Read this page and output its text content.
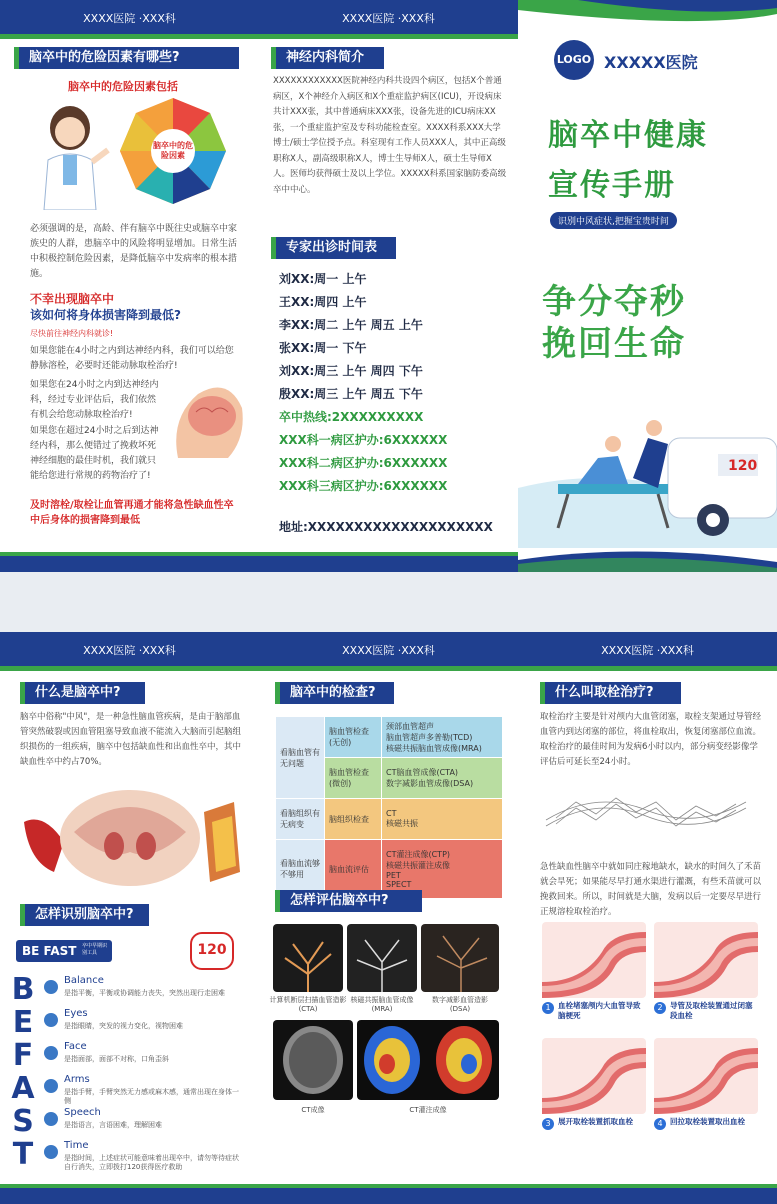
XXXX医院 ·XXX科
脑卒中的危险因素有哪些?
脑卒中的危险因素包括
脑卒中的危险因素
必须强调的是，高龄、伴有脑卒中既往史或脑卒中家族史的人群，患脑卒中的风险将明显增加。日常生活中积极控制危险因素，是降低脑卒中发病率的根本措施。
不幸出现脑卒中
该如何将身体损害降到最低?
尽快前往神经内科就诊!
如果您能在4小时之内到达神经内科，我们可以给您静脉溶栓，必要时还能动脉取栓治疗!
如果您在24小时之内到达神经内科，经过专业评估后，我们依然有机会给您动脉取栓治疗!
如果您在超过24小时之后到达神经内科，那么便错过了挽救坏死神经细胞的最佳时机，我们就只能给您进行常规的药物治疗了!
及时溶栓/取栓让血管再通才能将急性缺血性卒中后身体的损害降到最低
XXXX医院 ·XXX科
神经内科简介
XXXXXXXXXXXX医院神经内科共设四个病区，包括X个普通病区，X个神经介入病区和X个重症监护病区(ICU)，开设病床共计XXX张，其中普通病床XXX张，设备先进的ICU病床XX张，一个重症监护室及专科功能检查室。XXXX科系XXX大学博士/硕士学位授予点。科室现有工作人员XXX人，其中正高级职称X人，副高级职称X人，博士生导师X人，硕士生导师X人。医师均获得硕士及以上学位。XXXXX科系国家脑防委高级卒中中心。
专家出诊时间表
刘XX:周一 上午
王XX:周四 上午
李XX:周二 上午 周五 上午
张XX:周一 下午
刘XX:周三 上午 周四 下午
殷XX:周三 上午 周五 下午
卒中热线:2XXXXXXXXX
XXX科一病区护办:6XXXXXX
XXX科二病区护办:6XXXXXX
XXX科三病区护办:6XXXXXX
地址:XXXXXXXXXXXXXXXXXXXX
LOGO XXXXX医院
脑卒中健康
宣传手册
识别中风症状,把握宝贵时间
争分夺秒
挽回生命
120
XXXX医院 ·XXX科
什么是脑卒中?
脑卒中俗称"中风"，是一种急性脑血管疾病，是由于脑部血管突然破裂或因血管阻塞导致血液不能流入大脑而引起脑组织损伤的一组疾病，脑卒中包括缺血性和出血性卒中，其中缺血性卒中约占70%。
怎样识别脑卒中?
BE FAST 卒中早期识别工具	120
B	Balance
是指平衡，平衡或协调能力丧失，突然出现行走困难
E	Eyes
是指眼睛，突发的视力变化，视物困难
F	Face
是指面部，面部不对称，口角歪斜
A	Arms
是指手臂，手臂突然无力感或麻木感，通常出现在身体一侧
S	Speech
是指语言，言语困难，理解困难
T	Time
是指时间，上述症状可能意味着出现卒中，请勿等待症状自行消失，立即拨打120获得医疗救助
XXXX医院 ·XXX科
脑卒中的检查?
看脑血管有无问题	脑血管检查(无创)	颈部血管超声
脑血管超声多普勒(TCD)
核磁共振脑血管成像(MRA)
	脑血管检查(微创)	CT脑血管成像(CTA)
数字减影血管成像(DSA)
看脑组织有无病变	脑组织检查	CT
核磁共振
看脑血流够不够用	脑血流评估	CT灌注成像(CTP)
核磁共振灌注成像
PET
SPECT
怎样评估脑卒中?
计算机断层扫描血管造影(CTA)
核磁共振脑血管成像(MRA)
数字减影血管造影(DSA)
CT成像	CT灌注成像
XXXX医院 ·XXX科
什么叫取栓治疗?
取栓治疗主要是针对颅内大血管闭塞，取栓支架通过导管经血管内到达闭塞的部位，将血栓取出，恢复闭塞部位血流。取栓治疗的最佳时间为发病6小时以内，部分病变经影像学评估后可延长至24小时。
急性缺血性脑卒中就如同庄稼地缺水，缺水的时间久了禾苗就会旱死；如果能尽早打通水渠进行灌溉，有些禾苗就可以挽救回来。所以，时间就是大脑，发病以后一定要尽早进行正规溶栓取栓治疗。
1 血栓堵塞颅内大血管导致脑梗死
2 导管及取栓装置通过闭塞段血栓
3 展开取栓装置抓取血栓	4 回拉取栓装置取出血栓
